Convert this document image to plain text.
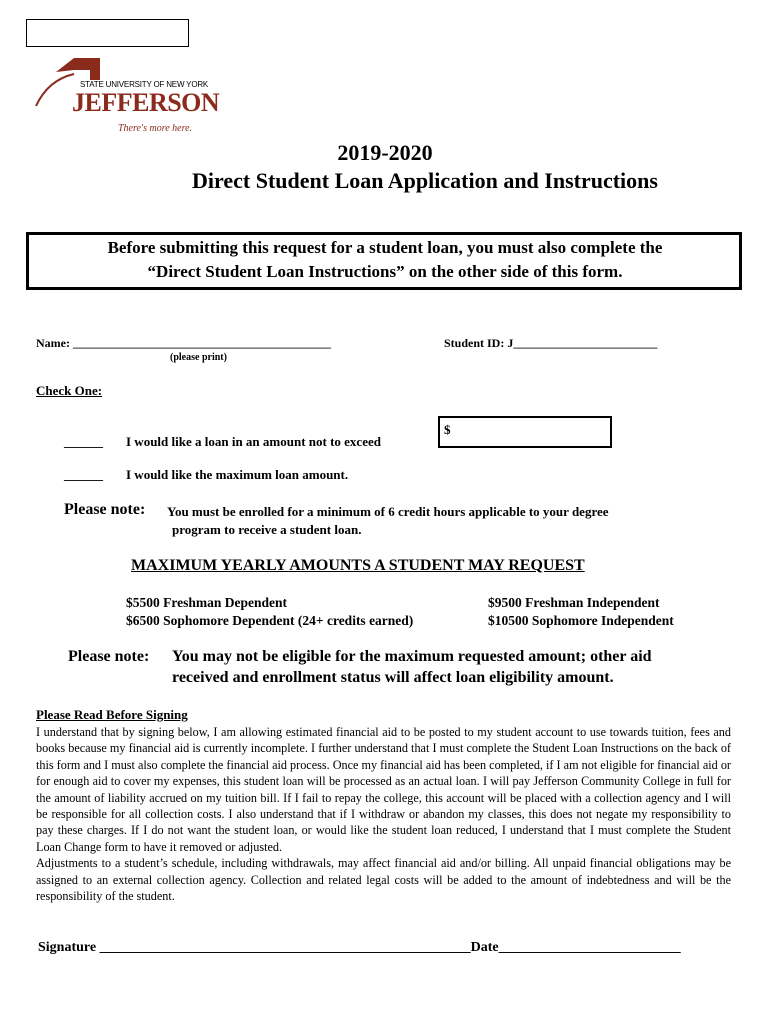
STATE UNIVERSITY OF NEW YORK
JEFFERSON
There's more here.
2019-2020
Direct Student Loan Application and Instructions
Before submitting this request for a student loan, you must also complete the
“Direct Student Loan Instructions” on the other side of this form.
Name: ___________________________________________
(please print)
Student ID: J________________________
Check One:
______ I would like a loan in an amount not to exceed
$
______ I would like the maximum loan amount.
Please note: You must be enrolled for a minimum of 6 credit hours applicable to your degree
program to receive a student loan.
MAXIMUM YEARLY AMOUNTS A STUDENT MAY REQUEST
$5500 Freshman Dependent
$6500 Sophomore Dependent (24+ credits earned)
$9500 Freshman Independent
$10500 Sophomore Independent
Please note: You may not be eligible for the maximum requested amount; other aid
received and enrollment status will affect loan eligibility amount.
Please Read Before Signing
I understand that by signing below, I am allowing estimated financial aid to be posted to my student account to use towards tuition, fees and books because my financial aid is currently incomplete. I further understand that I must complete the Student Loan Instructions on the back of this form and I must also complete the financial aid process. Once my financial aid has been completed, if I am not eligible for financial aid or for enough aid to cover my expenses, this student loan will be processed as an actual loan. I will pay Jefferson Community College in full for the amount of liability accrued on my tuition bill. If I fail to repay the college, this account will be placed with a collection agency and I will be responsible for all collection costs. I also understand that if I withdraw or abandon my classes, this does not negate my responsibility to pay these charges. If I do not want the student loan, or would like the student loan reduced, I understand that I must complete the Student Loan Change form to have it removed or adjusted.
Adjustments to a student’s schedule, including withdrawals, may affect financial aid and/or billing. All unpaid financial obligations may be assigned to an external collection agency. Collection and related legal costs will be added to the amount of indebtedness and will be the responsibility of the student.
Signature _____________________________________________________Date__________________________
